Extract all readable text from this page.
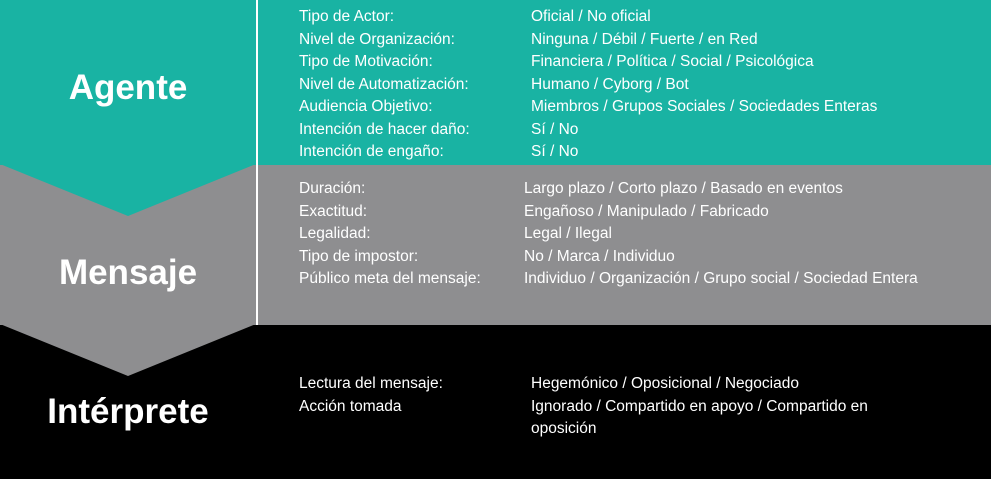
Agente
Mensaje
Intérprete
Tipo de Actor:	Oficial / No oficial
Nivel de Organización:	Ninguna / Débil / Fuerte / en Red
Tipo de Motivación:	Financiera / Política / Social / Psicológica
Nivel de Automatización:	Humano / Cyborg / Bot
Audiencia Objetivo:	Miembros / Grupos Sociales / Sociedades Enteras
Intención de hacer daño:	Sí / No
Intención de engaño:	Sí / No
Duración:	Largo plazo / Corto plazo / Basado en eventos
Exactitud:	Engañoso / Manipulado / Fabricado
Legalidad:	Legal / Ilegal
Tipo de impostor:	No / Marca / Individuo
Público meta del mensaje:	Individuo / Organización / Grupo social / Sociedad Entera
Lectura del mensaje:	Hegemónico / Oposicional / Negociado
Acción tomada	Ignorado / Compartido en apoyo / Compartido en oposición
